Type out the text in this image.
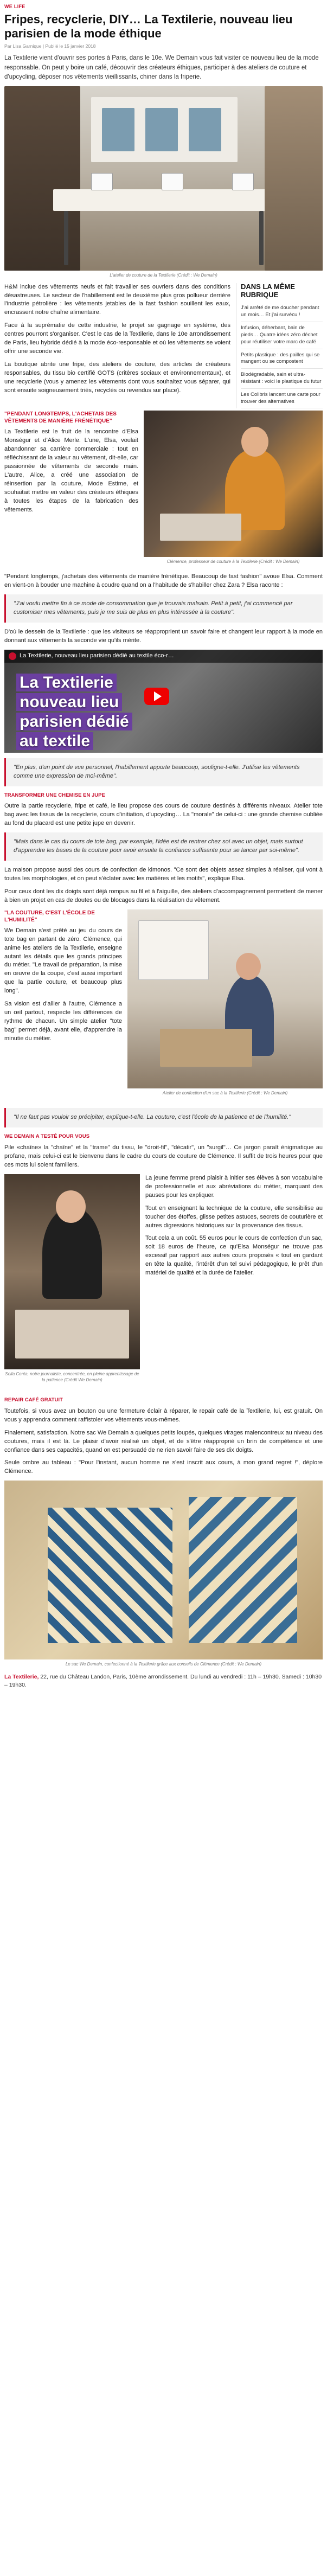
WE LIFE
Fripes, recyclerie, DIY… La Textilerie, nouveau lieu parisien de la mode éthique
Par Lisa Garnique | Publié le 15 janvier 2018
La Textilerie vient d'ouvrir ses portes à Paris, dans le 10e. We Demain vous fait visiter ce nouveau lieu de la mode responsable. On peut y boire un café, découvrir des créateurs éthiques, participer à des ateliers de couture et d'upcycling, déposer nos vêtements vieillissants, chiner dans la friperie.
L'atelier de couture de la Textilerie (Crédit : We Demain)

H&M inclue des vêtements neufs et fait travailler ses ouvriers dans des conditions désastreuses. Le secteur de l'habillement est le deuxième plus gros pollueur derrière l'industrie pétrolière : les vêtements jetables de la fast fashion souillent les eaux, encrassent notre chaîne alimentaire.

Face à la suprématie de cette industrie, le projet se gagnage en système, des centres pourront s'organiser. C'est le cas de la Textilerie, dans le 10e arrondissement de Paris, lieu hybride dédié à la mode éco-responsable et où les vêtements se voient offrir une seconde vie.

La boutique abrite une fripe, des ateliers de couture, des articles de créateurs responsables, du tissu bio certifié GOTS (critères sociaux et environnementaux), et une recyclerie (vous y amenez les vêtements dont vous souhaitez vous séparer, qui sont ensuite soigneusement triés, recyclés ou revendus sur place).

DANS LA MÊME RUBRIQUE
J'ai arrêté de me doucher pendant un mois… Et j'ai survécu !
Infusion, déherbant, bain de pieds… Quatre idées zéro déchet pour réutiliser votre marc de café
Petits plastique : des pailles qui se mangent ou se compostent
Biodégradable, sain et ultra-résistant : voici le plastique du futur
Les Colibris lancent une carte pour trouver des alternatives
Clémence, professeur de couture à la Textilerie (Crédit : We Demain)
"PENDANT LONGTEMPS, L'ACHETAIS DES VÊTEMENTS DE MANIÈRE FRÉNÉTIQUE"

La Textilerie est le fruit de la rencontre d'Elsa Monségur et d'Alice Merle. L'une, Elsa, voulait abandonner sa carrière commerciale : tout en réfléchissant de la valeur au vêtement, dit-elle, car passionnée de vêtements de seconde main. L'autre, Alice, a créé une association de réinsertion par la couture, Mode Estime, et souhaitait mettre en valeur des créateurs éthiques à toutes les étapes de la fabrication des vêtements.

"Pendant longtemps, j'achetais des vêtements de manière frénétique. Beaucoup de fast fashion" avoue Elsa. Comment en vient-on à bouder une machine à coudre quand on a l'habitude de s'habiller chez Zara ? Elsa raconte :

"J'ai voulu mettre fin à ce mode de consommation que je trouvais malsain. Petit à petit, j'ai commencé par customiser mes vêtements, puis je me suis de plus en plus intéressée à la couture".

D'où le dessein de la Textilerie : que les visiteurs se réapproprient un savoir faire et changent leur rapport à la mode en donnant aux vêtements la seconde vie qu'ils mérite.

La Textilerie, nouveau lieu parisien dédié au textile éco-r…
La Textilerie
nouveau lieu
parisien dédié
au textile
"En plus, d'un point de vue personnel, l'habillement apporte beaucoup, souligne-t-elle. J'utilise les vêtements comme une expression de moi-même".
TRANSFORMER UNE CHEMISE EN JUPE

Outre la partie recyclerie, fripe et café, le lieu propose des cours de couture destinés à différents niveaux. Atelier tote bag avec les tissus de la recyclerie, cours d'initiation, d'upcycling… La "morale" de celui-ci : une grande chemise oubliée au fond du placard est une petite jupe en devenir.

"Mais dans le cas du cours de tote bag, par exemple, l'idée est de rentrer chez soi avec un objet, mais surtout d'apprendre les bases de la couture pour avoir ensuite la confiance suffisante pour se lancer par soi-même".

La maison propose aussi des cours de confection de kimonos. "Ce sont des objets assez simples à réaliser, qui vont à toutes les morphologies, et on peut s'éclater avec les matières et les motifs", explique Elsa.

Pour ceux dont les dix doigts sont déjà rompus au fil et à l'aiguille, des ateliers d'accompagnement permettent de mener à bien un projet en cas de doutes ou de blocages dans la réalisation du vêtement.

Atelier de confection d'un sac à la Textilerie (Crédit : We Demain)
"LA COUTURE, C'EST L'ÉCOLE DE L'HUMILITÉ"

We Demain s'est prêté au jeu du cours de tote bag en partant de zéro. Clémence, qui anime les ateliers de la Textilerie, enseigne autant les détails que les grands principes du métier. "Le travail de préparation, la mise en œuvre de la coupe, c'est aussi important que la partie couture, et beaucoup plus long".

Sa vision est d'allier à l'autre, Clémence a un œil partout, respecte les différences de rythme de chacun. Un simple atelier "tote bag" permet déjà, avant elle, d'apprendre la minutie du métier.

"Il ne faut pas vouloir se précipiter, explique-t-elle. La couture, c'est l'école de la patience et de l'humilité."
WE DEMAIN A TESTÉ POUR VOUS

Pile «chaîne» la "chaîne" et la "trame" du tissu, le "droit-fil", "décatir", un "surgil"… Ce jargon paraît énigmatique au profane, mais celui-ci est le bienvenu dans le cadre du cours de couture de Clémence. Il suffit de trois heures pour que ces mots lui soient familiers.

Solla Conta, notre journaliste, concentrée, en pleine apprentissage de la patience (Crédit We Demain)

La jeune femme prend plaisir à initier ses élèves à son vocabulaire de professionnelle et aux abréviations du métier, marquant des pauses pour les expliquer.

Tout en enseignant la technique de la couture, elle sensibilise au toucher des étoffes, glisse petites astuces, secrets de couturière et autres digressions historiques sur la provenance des tissus.

Tout cela a un coût. 55 euros pour le cours de confection d'un sac, soit 18 euros de l'heure, ce qu'Elsa Monségur ne trouve pas excessif par rapport aux autres cours proposés « tout en gardant en tête la qualité, l'intérêt d'un tel suivi pédagogique, le prêt d'un matériel de qualité et la durée de l'atelier.

REPAIR CAFÉ GRATUIT

Toutefois, si vous avez un bouton ou une fermeture éclair à réparer, le repair café de la Textilerie, lui, est gratuit. On vous y apprendra comment raffistoler vos vêtements vous-mêmes.

Finalement, satisfaction. Notre sac We Demain a quelques petits loupés, quelques virages malencontreux au niveau des coutures, mais il est là. Le plaisir d'avoir réalisé un objet, et de s'être réapproprié un brin de compétence et une confiance dans ses capacités, quand on est persuadé de ne rien savoir faire de ses dix doigts.

Seule ombre au tableau : "Pour l'instant, aucun homme ne s'est inscrit aux cours, à mon grand regret !", déplore Clémence.

Le sac We Demain, confectionné à la Textilerie grâce aux conseils de Clémence (Crédit : We Demain)
La Textilerie, 22, rue du Château Landon, Paris, 10ème arrondissement. Du lundi au vendredi : 11h – 19h30. Samedi : 10h30 – 19h30.
